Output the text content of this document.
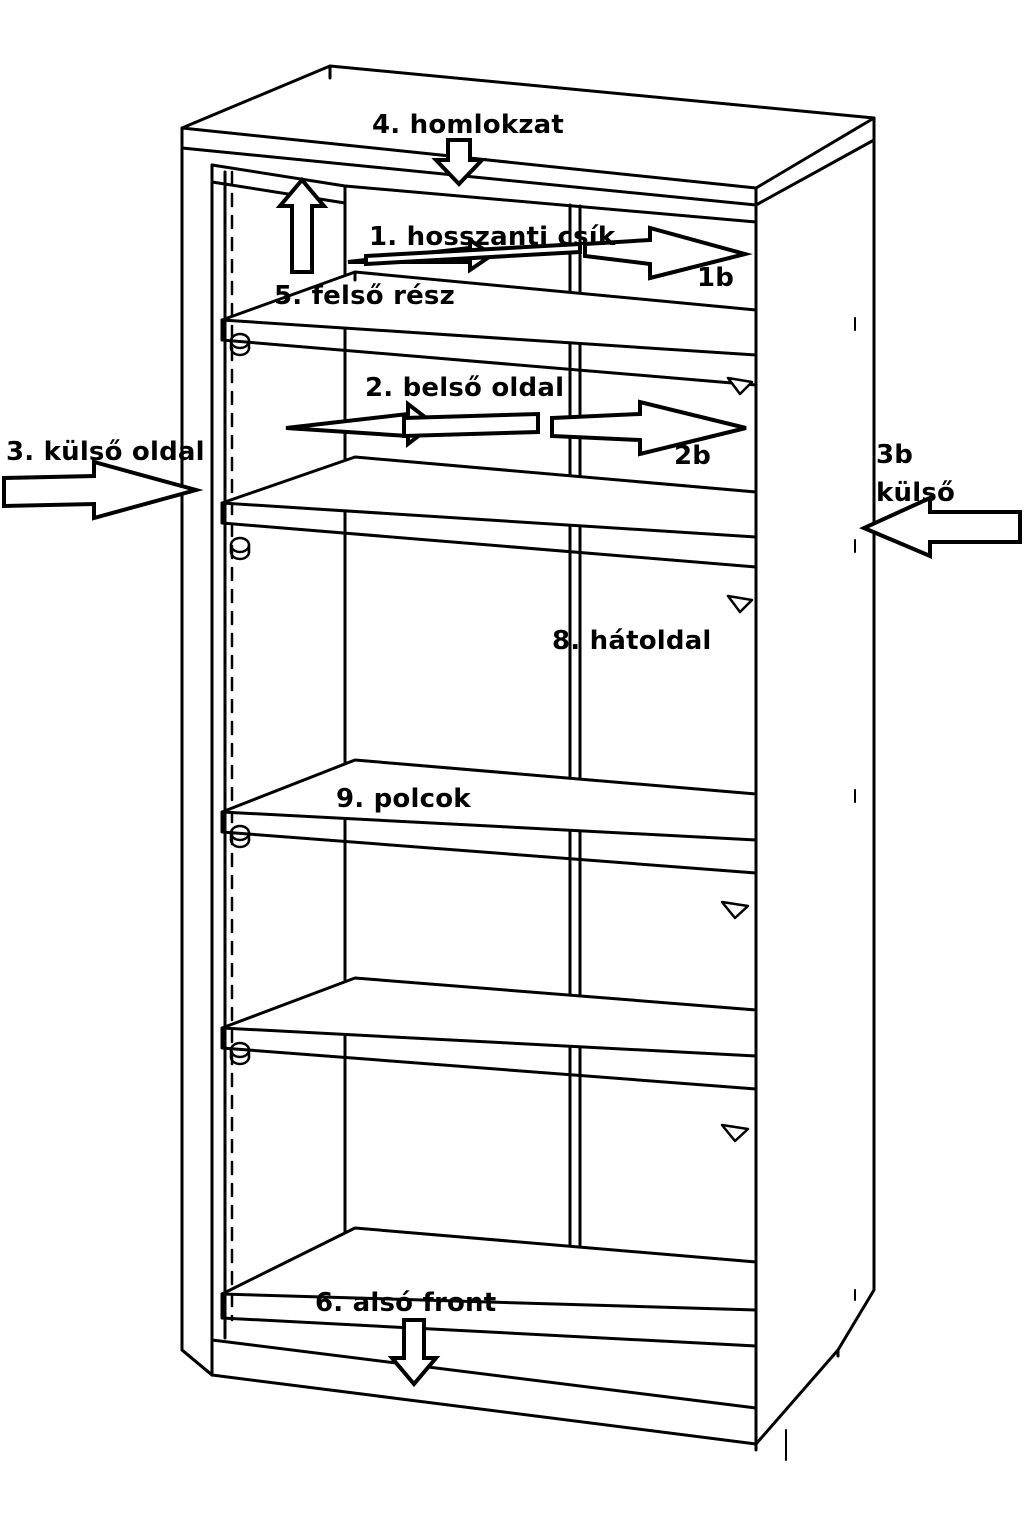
4. homlokzat
1. hosszanti csík
1b
5. felső rész
2. belső oldal
2b
3. külső oldal	3b
külső
8. hátoldal
9. polcok
6. alsó front
